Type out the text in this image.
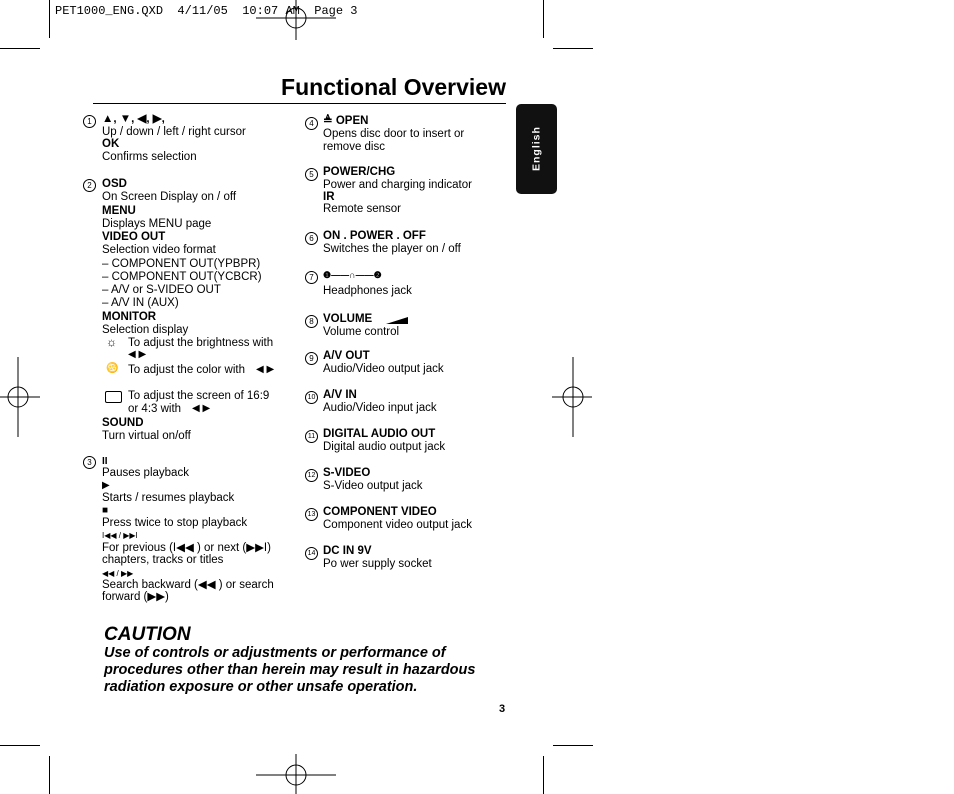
PET1000_ENG.QXD  4/11/05  10:07 AM  Page 3
Functional Overview
English
1 ▲, ▼, ◀, ▶,
Up / down / left / right cursor
OK
Confirms selection
2 OSD
On Screen Display on / off
MENU
Displays MENU page
VIDEO OUT
Selection video format
– COMPONENT OUT(YPBPR)
– COMPONENT OUT(YCBCR)
– A/V or S-VIDEO OUT
– A/V IN (AUX)
MONITOR
Selection display
☼ To adjust the brightness with
◀ ▶
♋ To adjust the color with ◀ ▶
To adjust the screen of 16:9
or 4:3 with ◀ ▶
SOUND
Turn virtual on/off
3	II
Pauses playback
▶
Starts / resumes playback
■
Press twice to stop playback
I◀◀ / ▶▶I
For previous (I◀◀ ) or next (▶▶I)
chapters, tracks or titles
◀◀ / ▶▶
Search backward (◀◀ ) or search
forward (▶▶)
4 ≜ OPEN
Opens disc door to insert or
remove disc
5 POWER/CHG
Power and charging indicator
IR
Remote sensor
6 ON . POWER . OFF
Switches the player on / off
7	❶——∩——❷
Headphones jack
8 VOLUME
Volume control
9 A/V OUT
Audio/Video output jack
10 A/V IN
Audio/Video input jack
11 DIGITAL AUDIO OUT
Digital audio output jack
12 S-VIDEO
S-Video output jack
13 COMPONENT VIDEO
Component video output jack
14 DC IN 9V
Po wer supply socket
CAUTION
Use of controls or adjustments or performance of
procedures other than herein may result in hazardous
radiation exposure or other unsafe operation.
3
